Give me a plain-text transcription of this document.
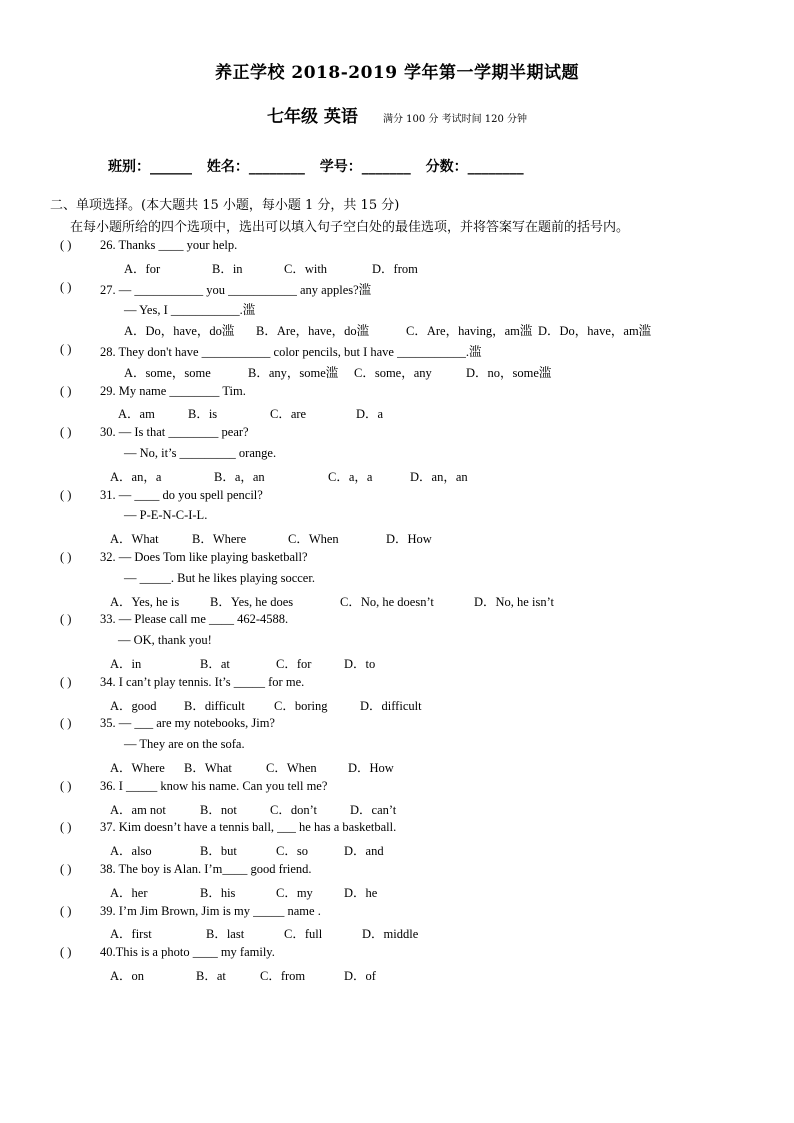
养正学校 2018-2019 学年第一学期半期试题
七年级 英语	满分 100 分 考试时间 120 分钟
班别：______ 姓名：________ 学号：_______ 分数：________
二、单项选择。(本大题共 15 小题，每小题 1 分，共 15 分)
在每小题所给的四个选项中，选出可以填入句子空白处的最佳选项，并将答案写在题前的括号内。
( ) 26. Thanks ____ your help.
A．for	B．in	C．with	D．from
( ) 27. — ___________ you ___________ any apples?滥
— Yes, I ___________.滥
A．Do，have，do滥 B．Are，have，do滥	C．Are，having，am滥 D．Do，have，am滥
( ) 28. They don't have ___________ color pencils, but I have ___________.滥
A．some，some	B．any，some滥 C．some，any	D．no，some滥
( ) 29. My name ________ Tim.
A．am	B．is	C．are	D．a
( ) 30. — Is that ________ pear?
— No, it’s _________ orange.
A．an，a	B．a，an	C．a，a	D．an，an
( ) 31. — ____ do you spell pencil?
— P-E-N-C-I-L.
A．What	B．Where	C．When	D．How
( ) 32. — Does Tom like playing basketball?
— _____. But he likes playing soccer.
A．Yes, he is B．Yes, he does	C．No, he doesn’t	D．No, he isn’t
( ) 33. — Please call me ____ 462-4588.
— OK, thank you!
A．in	B．at	C．for	D．to
( ) 34. I can’t play tennis. It’s _____ for me.
A．good B．difficult C．boring	D．difficult
( ) 35. — ___ are my notebooks, Jim?
— They are on the sofa.
A．Where B．What	C．When	D．How
( ) 36. I _____ know his name. Can you tell me?
A．am not	B．not	C．don’t	D．can’t
( ) 37. Kim doesn’t have a tennis ball, ___ he has a basketball.
A．also	B．but	C．so	D．and
( ) 38. The boy is Alan. I’m____ good friend.
A．her	B．his	C．my D．he
( ) 39. I’m Jim Brown, Jim is my _____ name .
A．first	B．last	C．full	D．middle
( ) 40.This is a photo ____ my family.
A．on	B．at	C．from	D．of
